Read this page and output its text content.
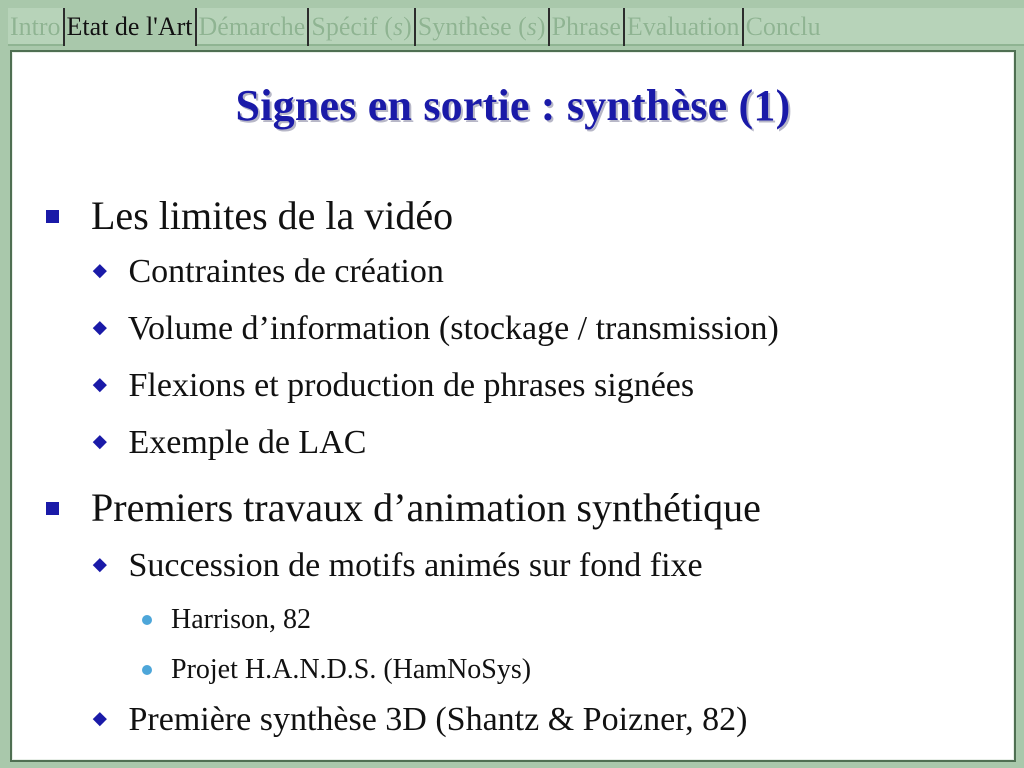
Intro Etat de l'Art Démarche Spécif ( s ) Synthèse ( s ) Phrase Evaluation Conclu
Signes en sortie : synthèse (1)
Les limites de la vidéo
Contraintes de création
Volume d’information (stockage / transmission)
Flexions et production de phrases signées
Exemple de LAC
Premiers travaux d’animation synthétique
Succession de motifs animés sur fond fixe
Harrison, 82
Projet H.A.N.D.S. (HamNoSys)
Première synthèse 3D (Shantz & Poizner, 82)
